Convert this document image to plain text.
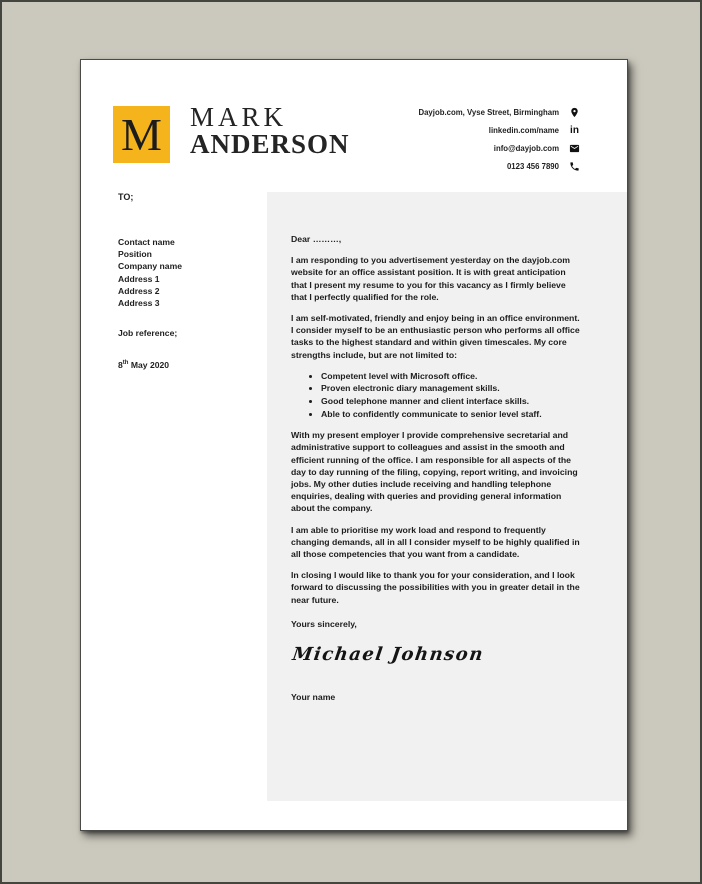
M MARK
ANDERSON
Dayjob.com, Vyse Street, Birmingham
linkedin.com/name in
info@dayjob.com
0123 456 7890
TO;
Contact name
Position
Company name
Address 1
Address 2
Address 3
Job reference;
8th May 2020

Dear ………,

I am responding to you advertisement yesterday on the dayjob.com website for an office assistant position. It is with great anticipation that I present my resume to you for this vacancy as I firmly believe that I perfectly qualified for the role.

I am self-motivated, friendly and enjoy being in an office environment. I consider myself to be an enthusiastic person who performs all office tasks to the highest standard and within given timescales. My core strengths include, but are not limited to:

• Competent level with Microsoft office.
• Proven electronic diary management skills.
• Good telephone manner and client interface skills.
• Able to confidently communicate to senior level staff.

With my present employer I provide comprehensive secretarial and administrative support to colleagues and assist in the smooth and efficient running of the office. I am responsible for all aspects of the day to day running of the filing, copying, report writing, and invoicing jobs. My other duties include receiving and handling telephone enquiries, dealing with queries and providing general information about the company.

I am able to prioritise my work load and respond to frequently changing demands, all in all I consider myself to be highly qualified in all those competencies that you want from a candidate.

In closing I would like to thank you for your consideration, and I look forward to discussing the possibilities with you in greater detail in the near future.

Yours sincerely,

Michael Johnson
Your name
